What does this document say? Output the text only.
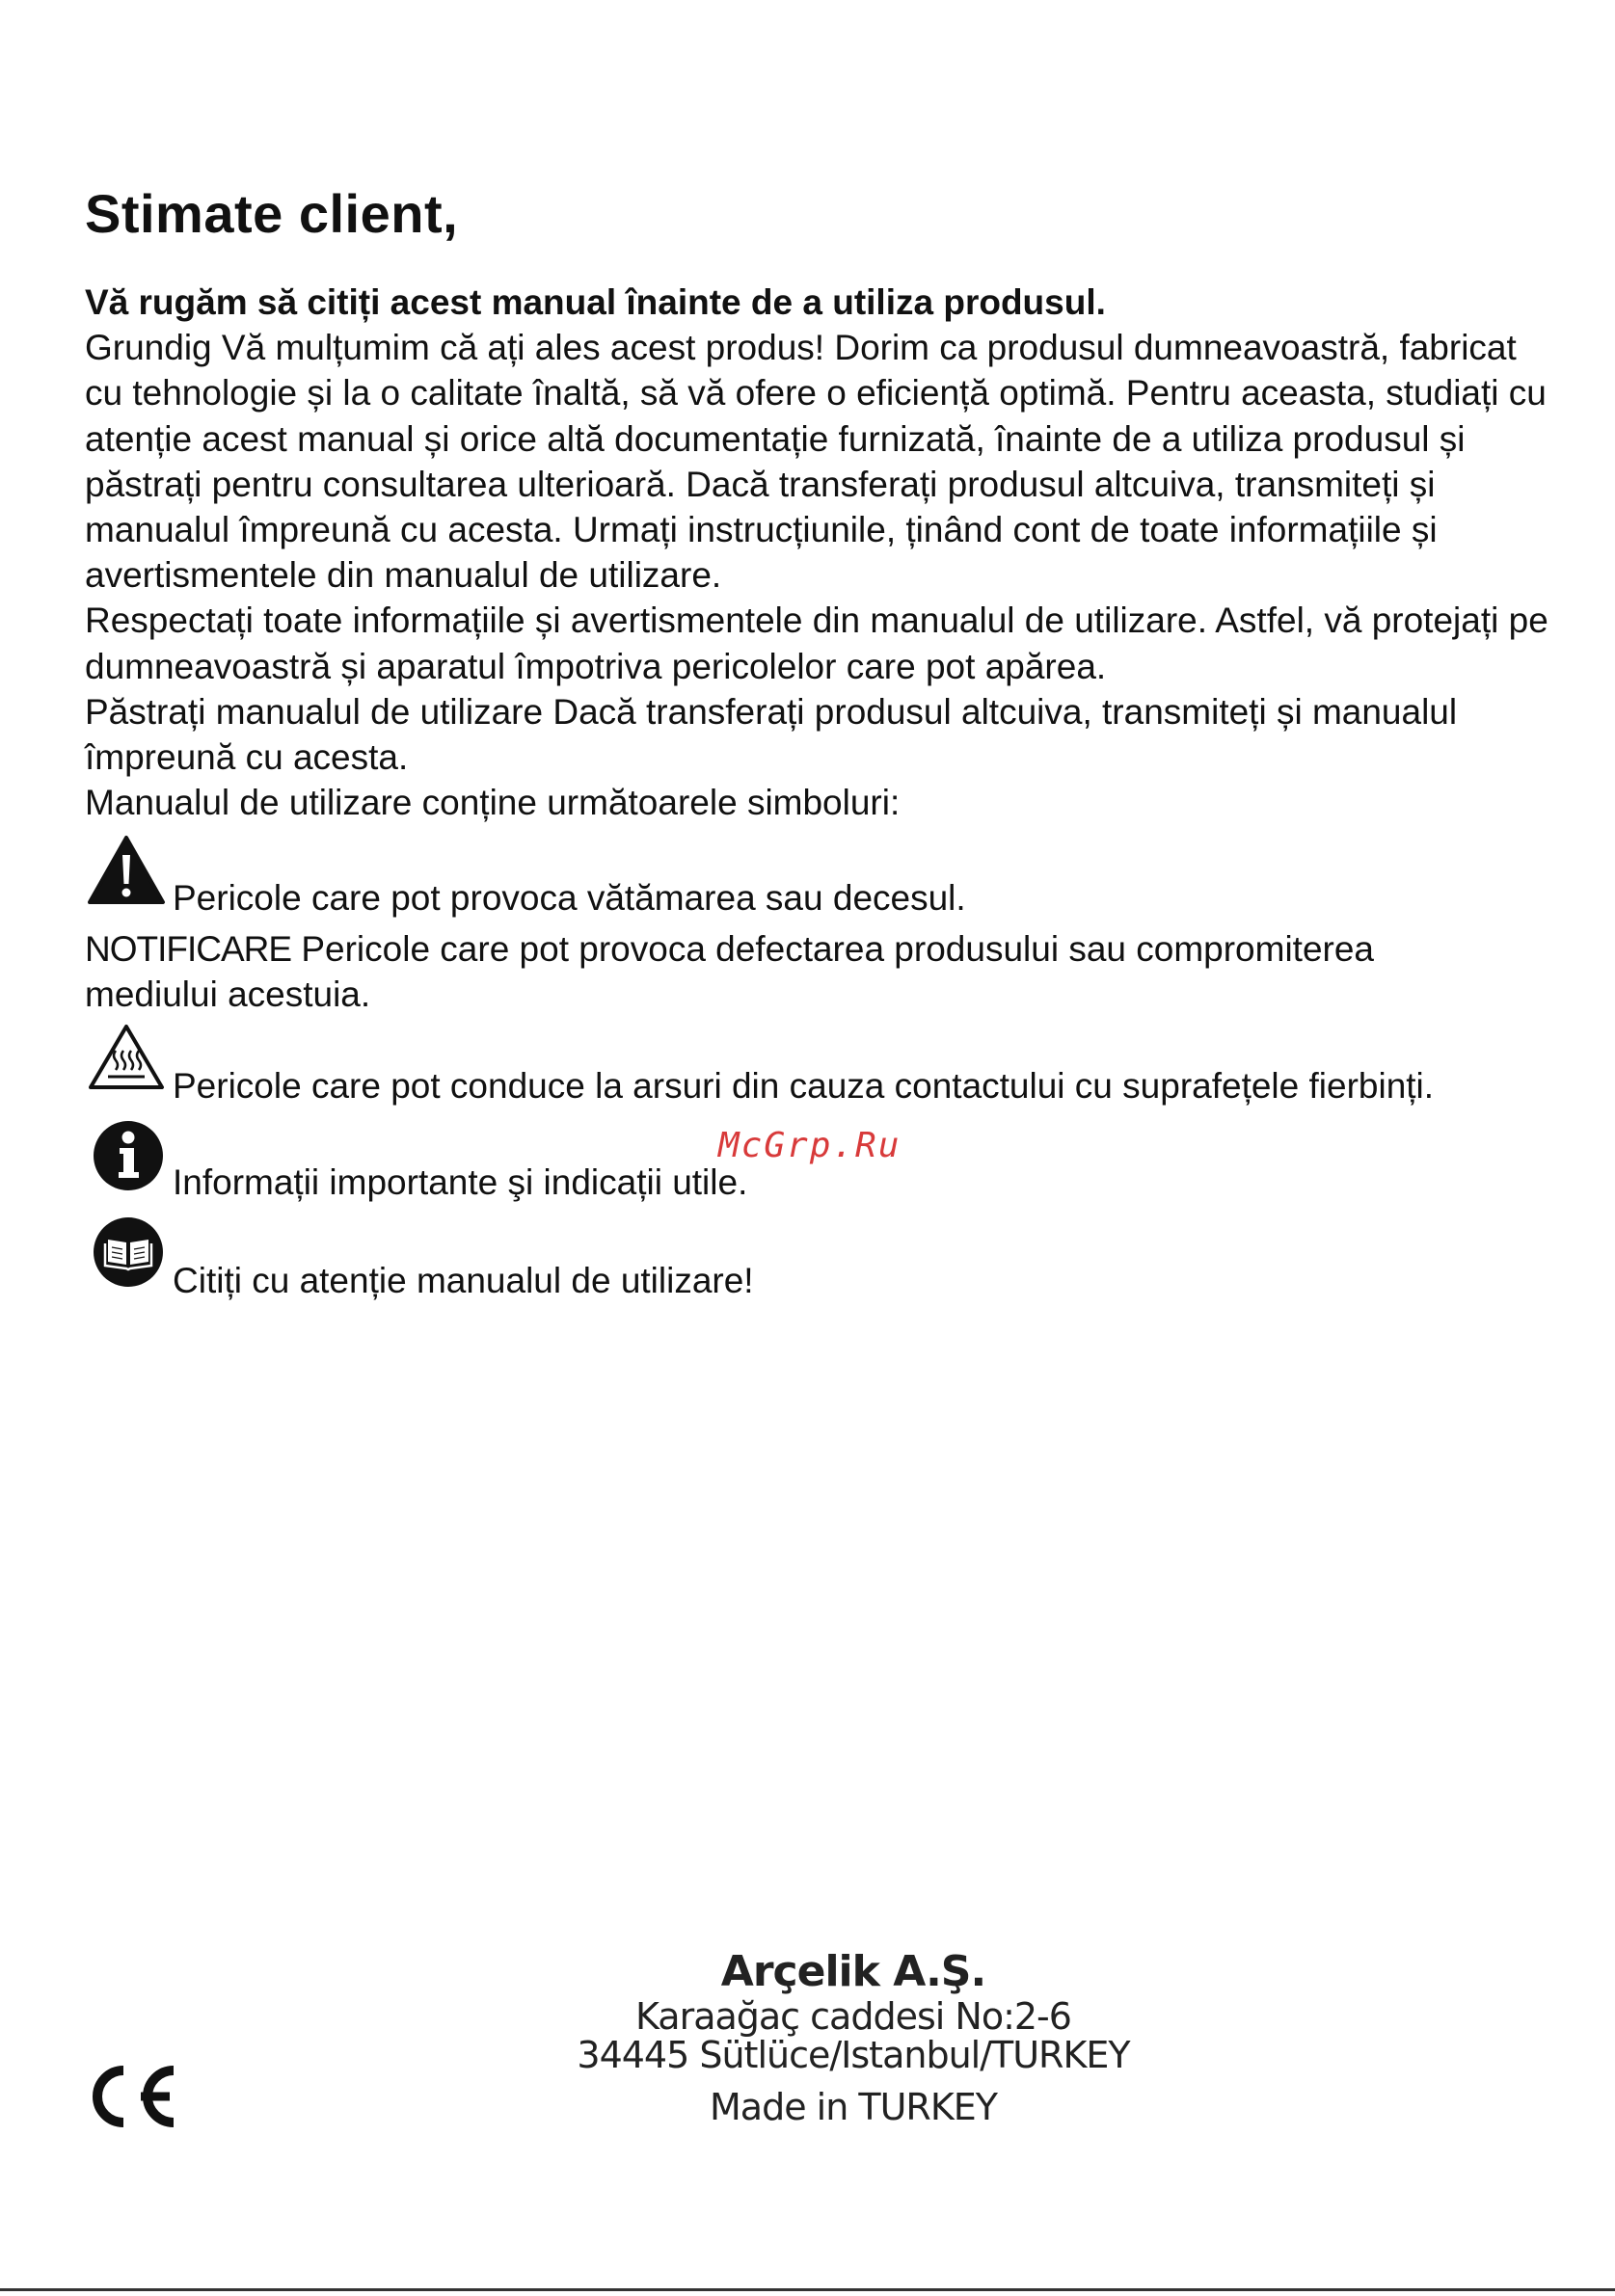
Stimate client,
Vă rugăm să citiți acest manual înainte de a utiliza produsul.

Grundig Vă mulțumim că ați ales acest produs! Dorim ca produsul dumneavoastră, fabricat cu tehnologie și la o calitate înaltă, să vă ofere o eficiență optimă. Pentru aceasta, studiați cu atenție acest manual și orice altă documentație furnizată, înainte de a utiliza produsul și păstrați pentru consultarea ulterioară. Dacă transferați produsul altcuiva, transmiteți și manualul împreună cu acesta. Urmați instrucțiunile, ținând cont de toate informațiile și avertismentele din manualul de utilizare.

Respectați toate informațiile și avertismentele din manualul de utilizare. Astfel, vă protejați pe dumneavoastră și aparatul împotriva pericolelor care pot apărea.

Păstrați manualul de utilizare Dacă transferați produsul altcuiva, transmiteți și manualul împreună cu acesta.

Manualul de utilizare conține următoarele simboluri:

Pericole care pot provoca vătămarea sau decesul.
NOTIFICARE Pericole care pot provoca defectarea produsului sau compromiterea mediului acestuia.
Pericole care pot conduce la arsuri din cauza contactului cu suprafețele fierbinți.
Informații importante şi indicații utile.
Citiți cu atenție manualul de utilizare!
McGrp.Ru
Arçelik A.Ş.
Karaağaç caddesi No:2-6
34445 Sütlüce/Istanbul/TURKEY
Made in TURKEY
